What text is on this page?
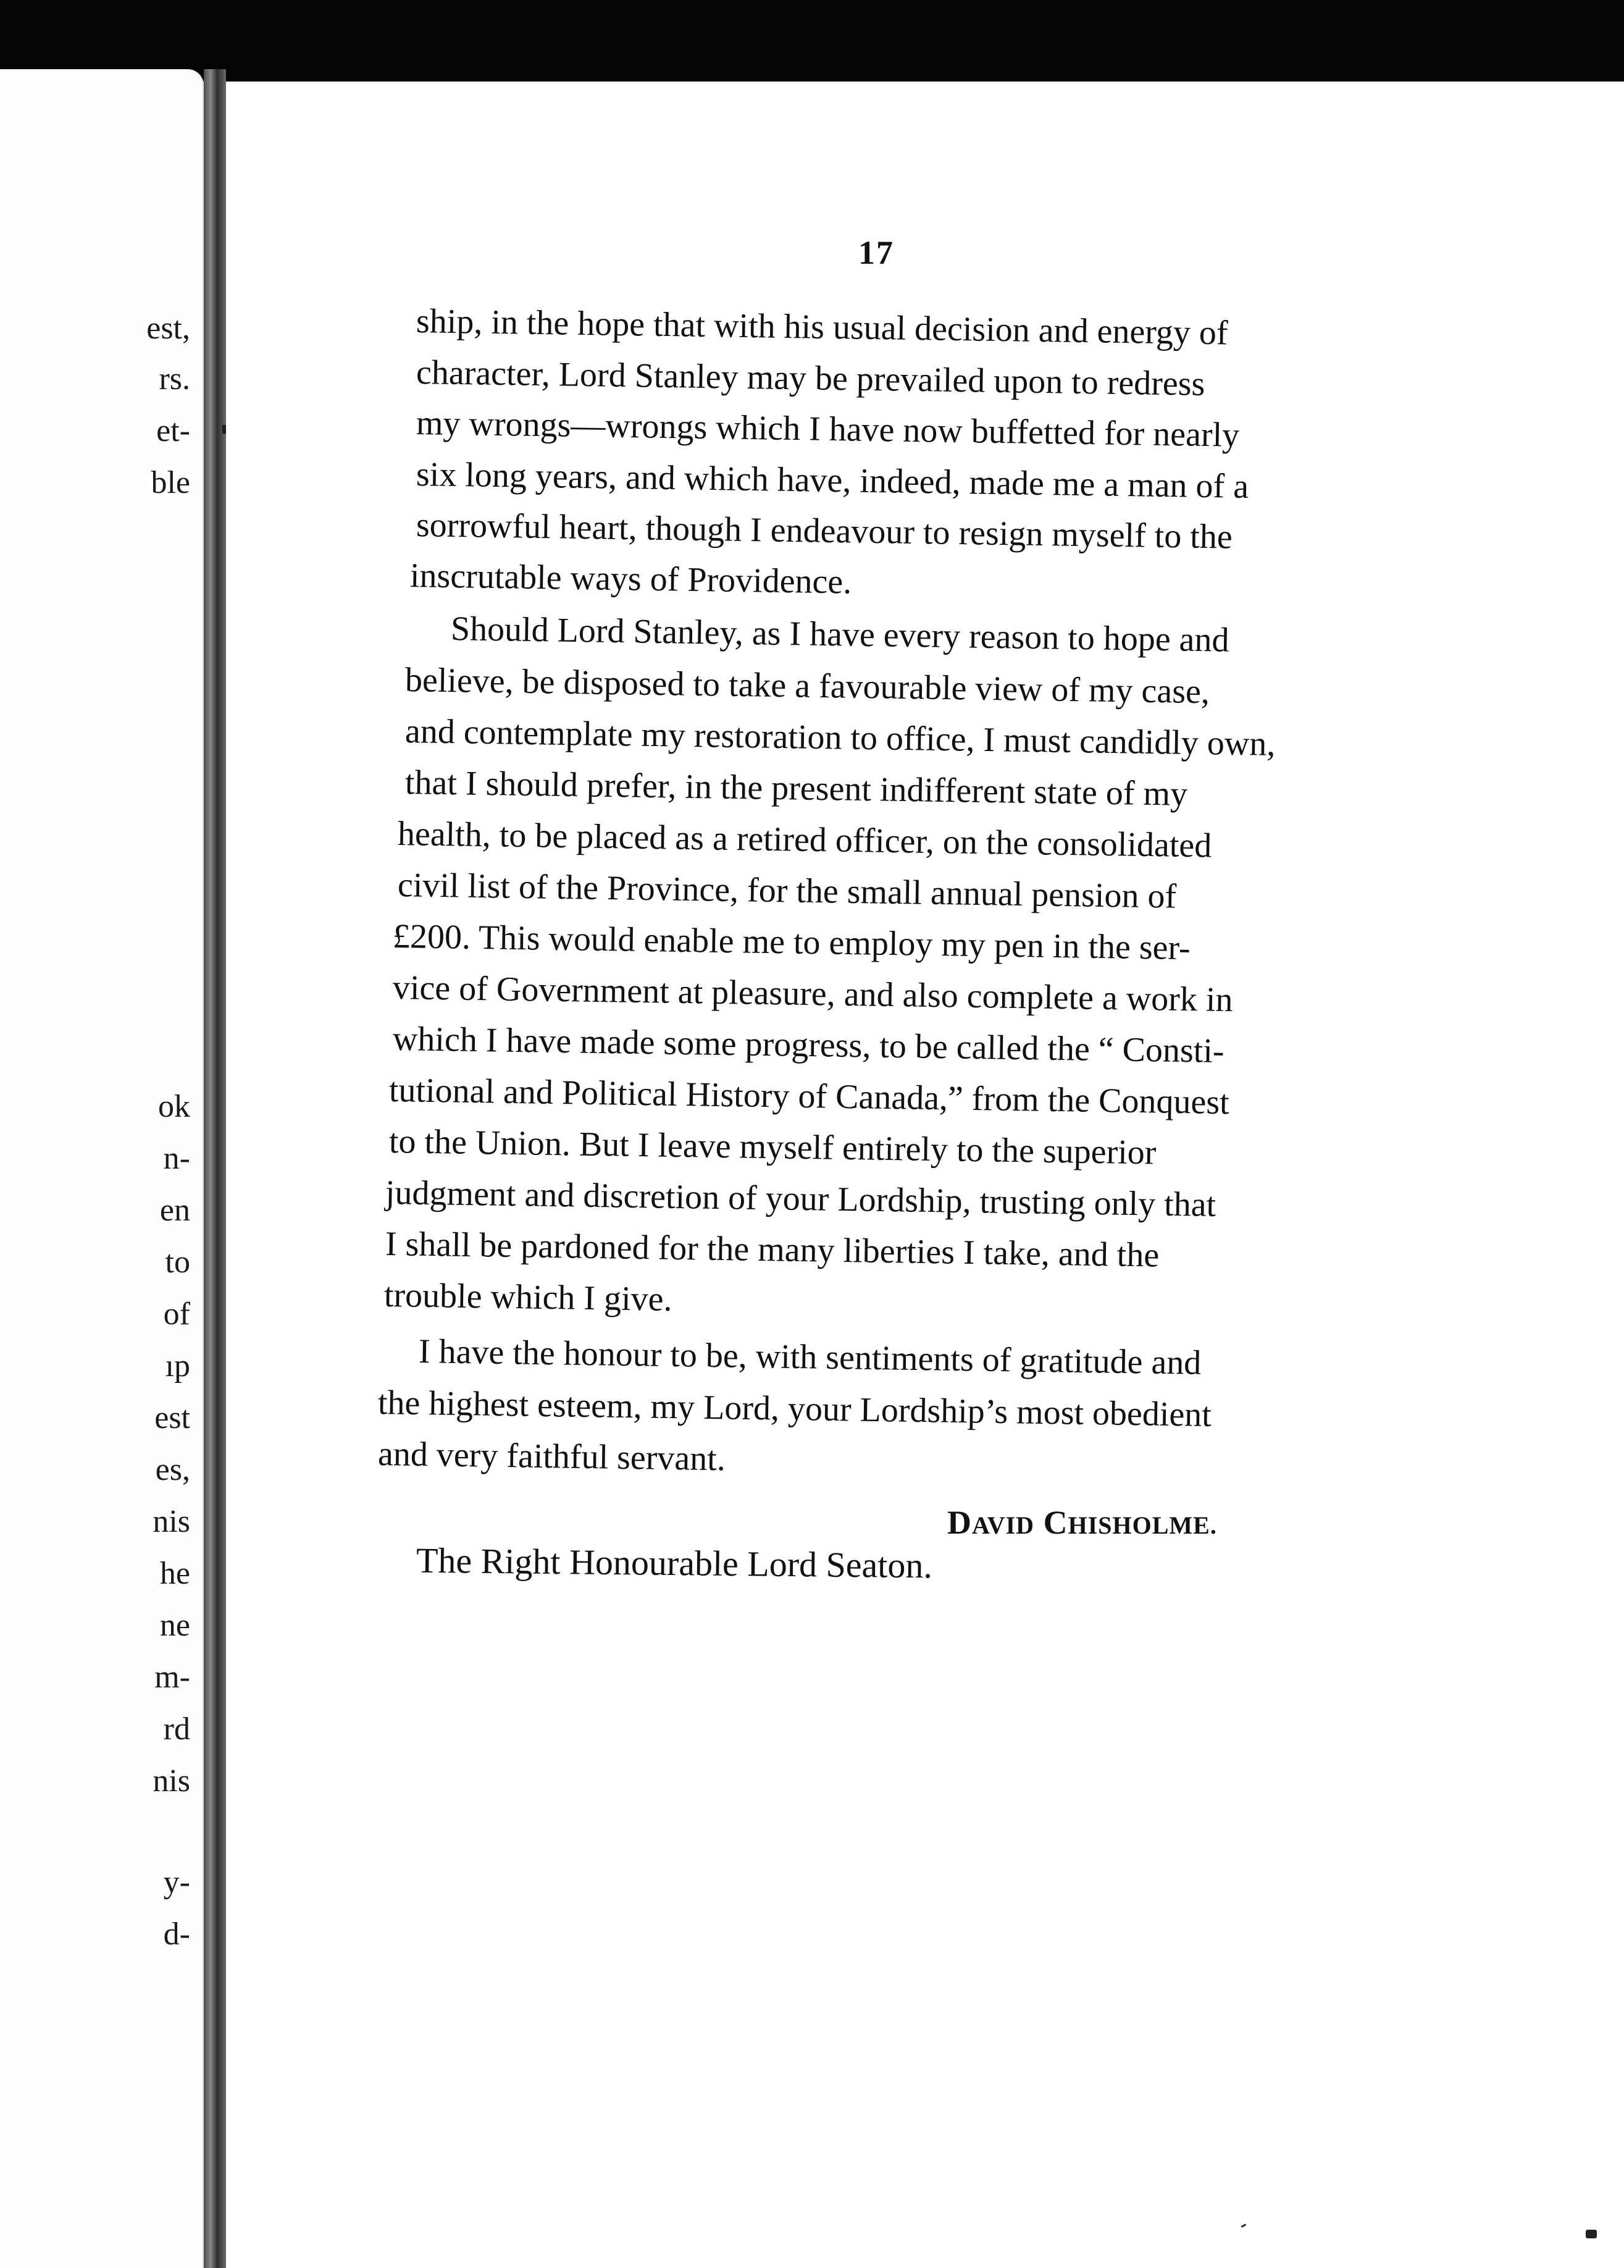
est,
rs.
et-
ble
ok
n-
en
to
of
ıp
est
es,
nis
he
ne
m-
rd
nis
y-
d-
17
ship, in the hope that with his usual decision and energy of
character, Lord Stanley may be prevailed upon to redress
my wrongs—wrongs which I have now buffetted for nearly
six long years, and which have, indeed, made me a man of a
sorrowful heart, though I endeavour to resign myself to the
inscrutable ways of Providence.
Should Lord Stanley, as I have every reason to hope and
believe, be disposed to take a favourable view of my case,
and contemplate my restoration to office, I must candidly own,
that I should prefer, in the present indifferent state of my
health, to be placed as a retired officer, on the consolidated
civil list of the Province, for the small annual pension of
£200. This would enable me to employ my pen in the ser-
vice of Government at pleasure, and also complete a work in
which I have made some progress, to be called the “ Consti-
tutional and Political History of Canada,” from the Conquest
to the Union. But I leave myself entirely to the superior
judgment and discretion of your Lordship, trusting only that
I shall be pardoned for the many liberties I take, and the
trouble which I give.
I have the honour to be, with sentiments of gratitude and
the highest esteem, my Lord, your Lordship’s most obedient
and very faithful servant.
DAVID CHISHOLME.
The Right Honourable Lord Seaton.
